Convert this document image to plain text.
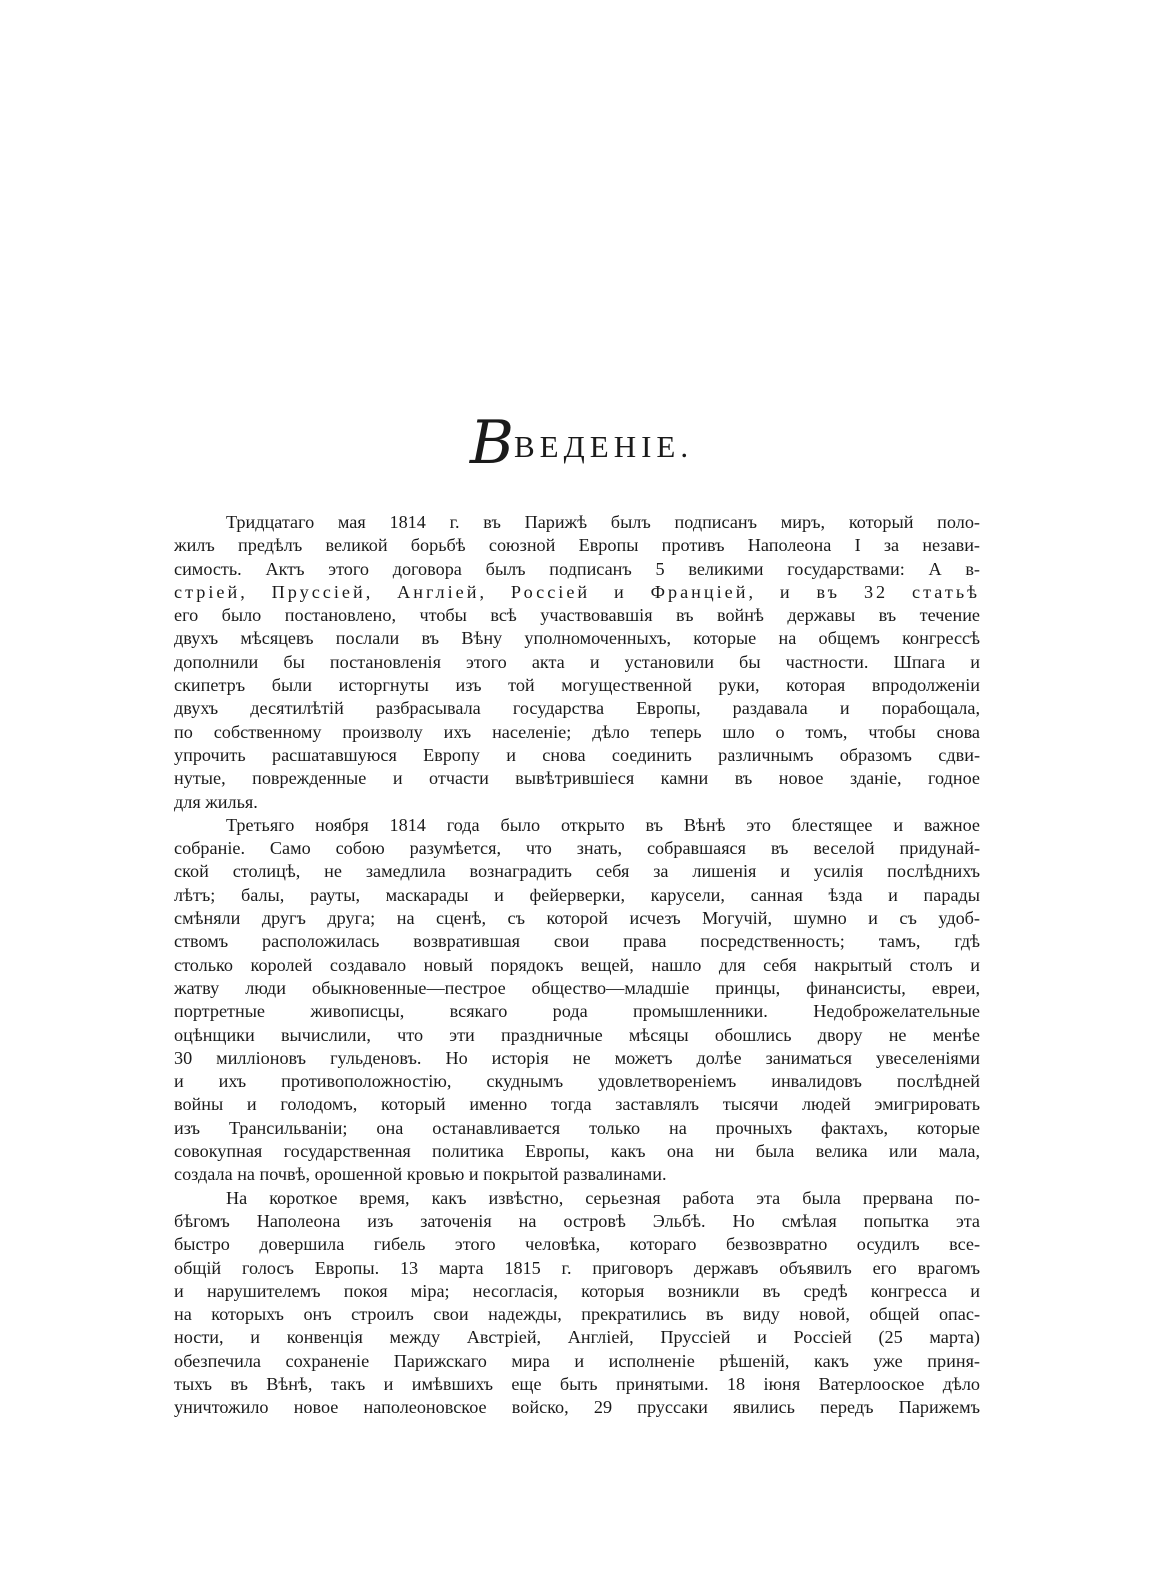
ВВЕДЕНІЕ.
Тридцатаго мая 1814 г. въ Парижѣ былъ подписанъ миръ, который поло-
жилъ предѣлъ великой борьбѣ союзной Европы противъ Наполеона I за незави-
симость. Актъ этого договора былъ подписанъ 5 великими государствами: А в-
стріей, Пруссіей, Англіей, Россіей и Франціей, и въ 32 статьѣ
его было постановлено, чтобы всѣ участвовавшія въ войнѣ державы въ течение
двухъ мѣсяцевъ послали въ Вѣну уполномоченныхъ, которые на общемъ конгрессѣ
дополнили бы постановленія этого акта и установили бы частности. Шпага и
скипетръ были исторгнуты изъ той могущественной руки, которая впродолженіи
двухъ десятилѣтій разбрасывала государства Европы, раздавала и порабощала,
по собственному произволу ихъ населеніе; дѣло теперь шло о томъ, чтобы снова
упрочить расшатавшуюся Европу и снова соединить различнымъ образомъ сдви-
нутые, поврежденные и отчасти вывѣтрившіеся камни въ новое зданіе, годное
для жилья.
Третьяго ноября 1814 года было открыто въ Вѣнѣ это блестящее и важное
собраніе. Само собою разумѣется, что знать, собравшаяся въ веселой придунай-
ской столицѣ, не замедлила вознаградить себя за лишенія и усилія послѣднихъ
лѣтъ; балы, рауты, маскарады и фейерверки, карусели, санная ѣзда и парады
смѣняли другъ друга; на сценѣ, съ которой исчезъ Могучій, шумно и съ удоб-
ствомъ расположилась возвратившая свои права посредственность; тамъ, гдѣ
столько королей создавало новый порядокъ вещей, нашло для себя накрытый столъ и
жатву люди обыкновенные—пестрое общество—младшіе принцы, финансисты, евреи,
портретные живописцы, всякаго рода промышленники. Недоброжелательные
оцѣнщики вычислили, что эти праздничные мѣсяцы обошлись двору не менѣе
30 милліоновъ гульденовъ. Но исторія не можетъ долѣе заниматься увеселеніями
и ихъ противоположностію, скуднымъ удовлетвореніемъ инвалидовъ послѣдней
войны и голодомъ, который именно тогда заставлялъ тысячи людей эмигрировать
изъ Трансильваніи; она останавливается только на прочныхъ фактахъ, которые
совокупная государственная политика Европы, какъ она ни была велика или мала,
создала на почвѣ, орошенной кровью и покрытой развалинами.
На короткое время, какъ извѣстно, серьезная работа эта была прервана по-
бѣгомъ Наполеона изъ заточенія на островѣ Эльбѣ. Но смѣлая попытка эта
быстро довершила гибель этого человѣка, котораго безвозвратно осудилъ все-
общій голосъ Европы. 13 марта 1815 г. приговоръ державъ объявилъ его врагомъ
и нарушителемъ покоя міра; несогласія, которыя возникли въ средѣ конгресса и
на которыхъ онъ строилъ свои надежды, прекратились въ виду новой, общей опас-
ности, и конвенція между Австріей, Англіей, Пруссіей и Россіей (25 марта)
обезпечила сохраненіе Парижскаго мира и исполненіе рѣшеній, какъ уже приня-
тыхъ въ Вѣнѣ, такъ и имѣвшихъ еще быть принятыми. 18 іюня Ватерлооское дѣло
уничтожило новое наполеоновское войско, 29 пруссаки явились передъ Парижемъ
